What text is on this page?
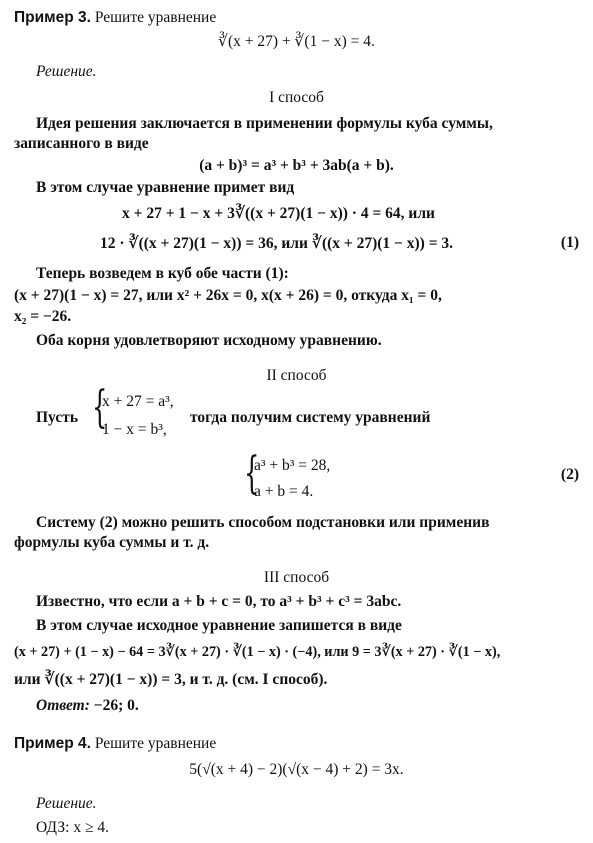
Пример 3. Решите уравнение
∛(x + 27) + ∛(1 − x) = 4.
Решение.
I способ
Идея решения заключается в применении формулы куба суммы,
записанного в виде
(a + b)³ = a³ + b³ + 3ab(a + b).
В этом случае уравнение примет вид
x + 27 + 1 − x + 3∛((x + 27)(1 − x)) · 4 = 64, или
12 · ∛((x + 27)(1 − x)) = 36, или ∛((x + 27)(1 − x)) = 3.	(1)
Теперь возведем в куб обе части (1):
(x + 27)(1 − x) = 27, или x² + 26x = 0, x(x + 26) = 0, откуда x₁ = 0,
x₂ = −26.
Оба корня удовлетворяют исходному уравнению.
II способ
Пусть {
x + 27 = a³,
1 − x = b³,
тогда получим систему уравнений
{
a³ + b³ = 28,
a + b = 4.
(2)
Систему (2) можно решить способом подстановки или применив
формулы куба суммы и т. д.
III способ
Известно, что если a + b + c = 0, то a³ + b³ + c³ = 3abc.
В этом случае исходное уравнение запишется в виде
(x + 27) + (1 − x) − 64 = 3∛(x + 27) · ∛(1 − x) · (−4), или 9 = 3∛(x + 27) · ∛(1 − x),
или ∛((x + 27)(1 − x)) = 3, и т. д. (см. I способ).
Ответ: −26; 0.
Пример 4. Решите уравнение
5(√(x + 4) − 2)(√(x − 4) + 2) = 3x.
Решение.
ОДЗ: x ≥ 4.
